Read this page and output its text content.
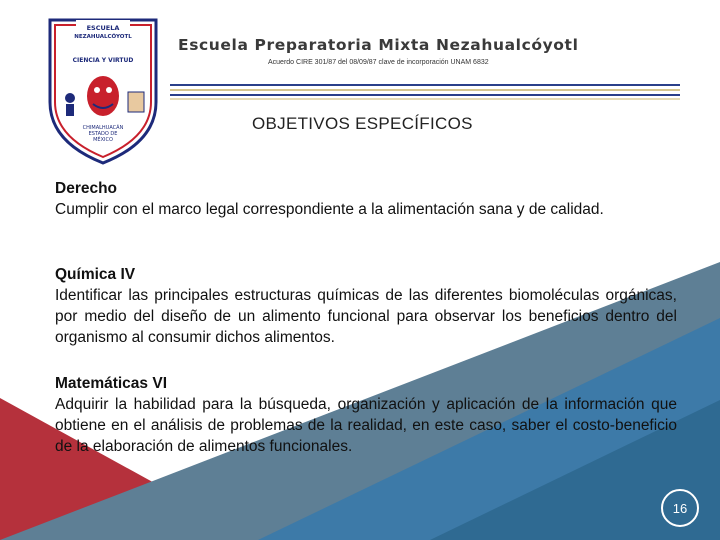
ESCUELA
NEZAHUALCÓYOTL
CIENCIA Y VIRTUD
CHIMALHUACÁN
ESTADO DE
MÉXICO
Escuela Preparatoria Mixta Nezahualcóyotl
Acuerdo CIRE 301/87 del 08/09/87 clave de incorporación UNAM 6832
OBJETIVOS ESPECÍFICOS
Derecho
Cumplir con el marco legal correspondiente a la alimentación sana y de calidad.
Química IV
Identificar las principales estructuras químicas de las diferentes biomoléculas orgánicas, por medio del diseño de un alimento funcional para observar los beneficios dentro del organismo al consumir dichos alimentos.
Matemáticas VI
Adquirir la habilidad para la búsqueda, organización y aplicación de la información que obtiene en el análisis de problemas de la realidad, en este caso, saber el costo-beneficio de la elaboración de alimentos funcionales.
16
